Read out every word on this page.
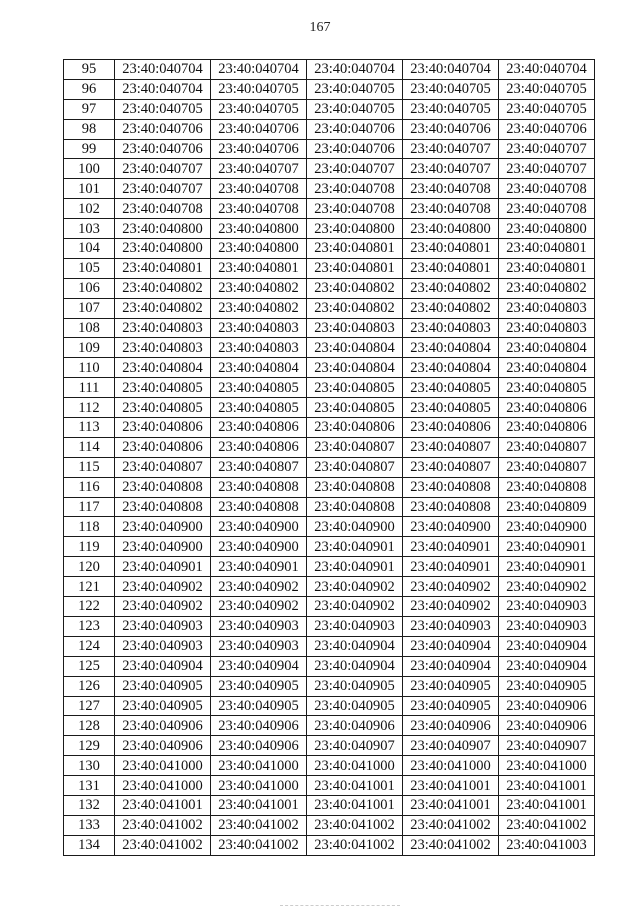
167
95	23:40:040704	23:40:040704	23:40:040704	23:40:040704	23:40:040704
96	23:40:040704	23:40:040705	23:40:040705	23:40:040705	23:40:040705
97	23:40:040705	23:40:040705	23:40:040705	23:40:040705	23:40:040705
98	23:40:040706	23:40:040706	23:40:040706	23:40:040706	23:40:040706
99	23:40:040706	23:40:040706	23:40:040706	23:40:040707	23:40:040707
100	23:40:040707	23:40:040707	23:40:040707	23:40:040707	23:40:040707
101	23:40:040707	23:40:040708	23:40:040708	23:40:040708	23:40:040708
102	23:40:040708	23:40:040708	23:40:040708	23:40:040708	23:40:040708
103	23:40:040800	23:40:040800	23:40:040800	23:40:040800	23:40:040800
104	23:40:040800	23:40:040800	23:40:040801	23:40:040801	23:40:040801
105	23:40:040801	23:40:040801	23:40:040801	23:40:040801	23:40:040801
106	23:40:040802	23:40:040802	23:40:040802	23:40:040802	23:40:040802
107	23:40:040802	23:40:040802	23:40:040802	23:40:040802	23:40:040803
108	23:40:040803	23:40:040803	23:40:040803	23:40:040803	23:40:040803
109	23:40:040803	23:40:040803	23:40:040804	23:40:040804	23:40:040804
110	23:40:040804	23:40:040804	23:40:040804	23:40:040804	23:40:040804
111	23:40:040805	23:40:040805	23:40:040805	23:40:040805	23:40:040805
112	23:40:040805	23:40:040805	23:40:040805	23:40:040805	23:40:040806
113	23:40:040806	23:40:040806	23:40:040806	23:40:040806	23:40:040806
114	23:40:040806	23:40:040806	23:40:040807	23:40:040807	23:40:040807
115	23:40:040807	23:40:040807	23:40:040807	23:40:040807	23:40:040807
116	23:40:040808	23:40:040808	23:40:040808	23:40:040808	23:40:040808
117	23:40:040808	23:40:040808	23:40:040808	23:40:040808	23:40:040809
118	23:40:040900	23:40:040900	23:40:040900	23:40:040900	23:40:040900
119	23:40:040900	23:40:040900	23:40:040901	23:40:040901	23:40:040901
120	23:40:040901	23:40:040901	23:40:040901	23:40:040901	23:40:040901
121	23:40:040902	23:40:040902	23:40:040902	23:40:040902	23:40:040902
122	23:40:040902	23:40:040902	23:40:040902	23:40:040902	23:40:040903
123	23:40:040903	23:40:040903	23:40:040903	23:40:040903	23:40:040903
124	23:40:040903	23:40:040903	23:40:040904	23:40:040904	23:40:040904
125	23:40:040904	23:40:040904	23:40:040904	23:40:040904	23:40:040904
126	23:40:040905	23:40:040905	23:40:040905	23:40:040905	23:40:040905
127	23:40:040905	23:40:040905	23:40:040905	23:40:040905	23:40:040906
128	23:40:040906	23:40:040906	23:40:040906	23:40:040906	23:40:040906
129	23:40:040906	23:40:040906	23:40:040907	23:40:040907	23:40:040907
130	23:40:041000	23:40:041000	23:40:041000	23:40:041000	23:40:041000
131	23:40:041000	23:40:041000	23:40:041001	23:40:041001	23:40:041001
132	23:40:041001	23:40:041001	23:40:041001	23:40:041001	23:40:041001
133	23:40:041002	23:40:041002	23:40:041002	23:40:041002	23:40:041002
134	23:40:041002	23:40:041002	23:40:041002	23:40:041002	23:40:041003
